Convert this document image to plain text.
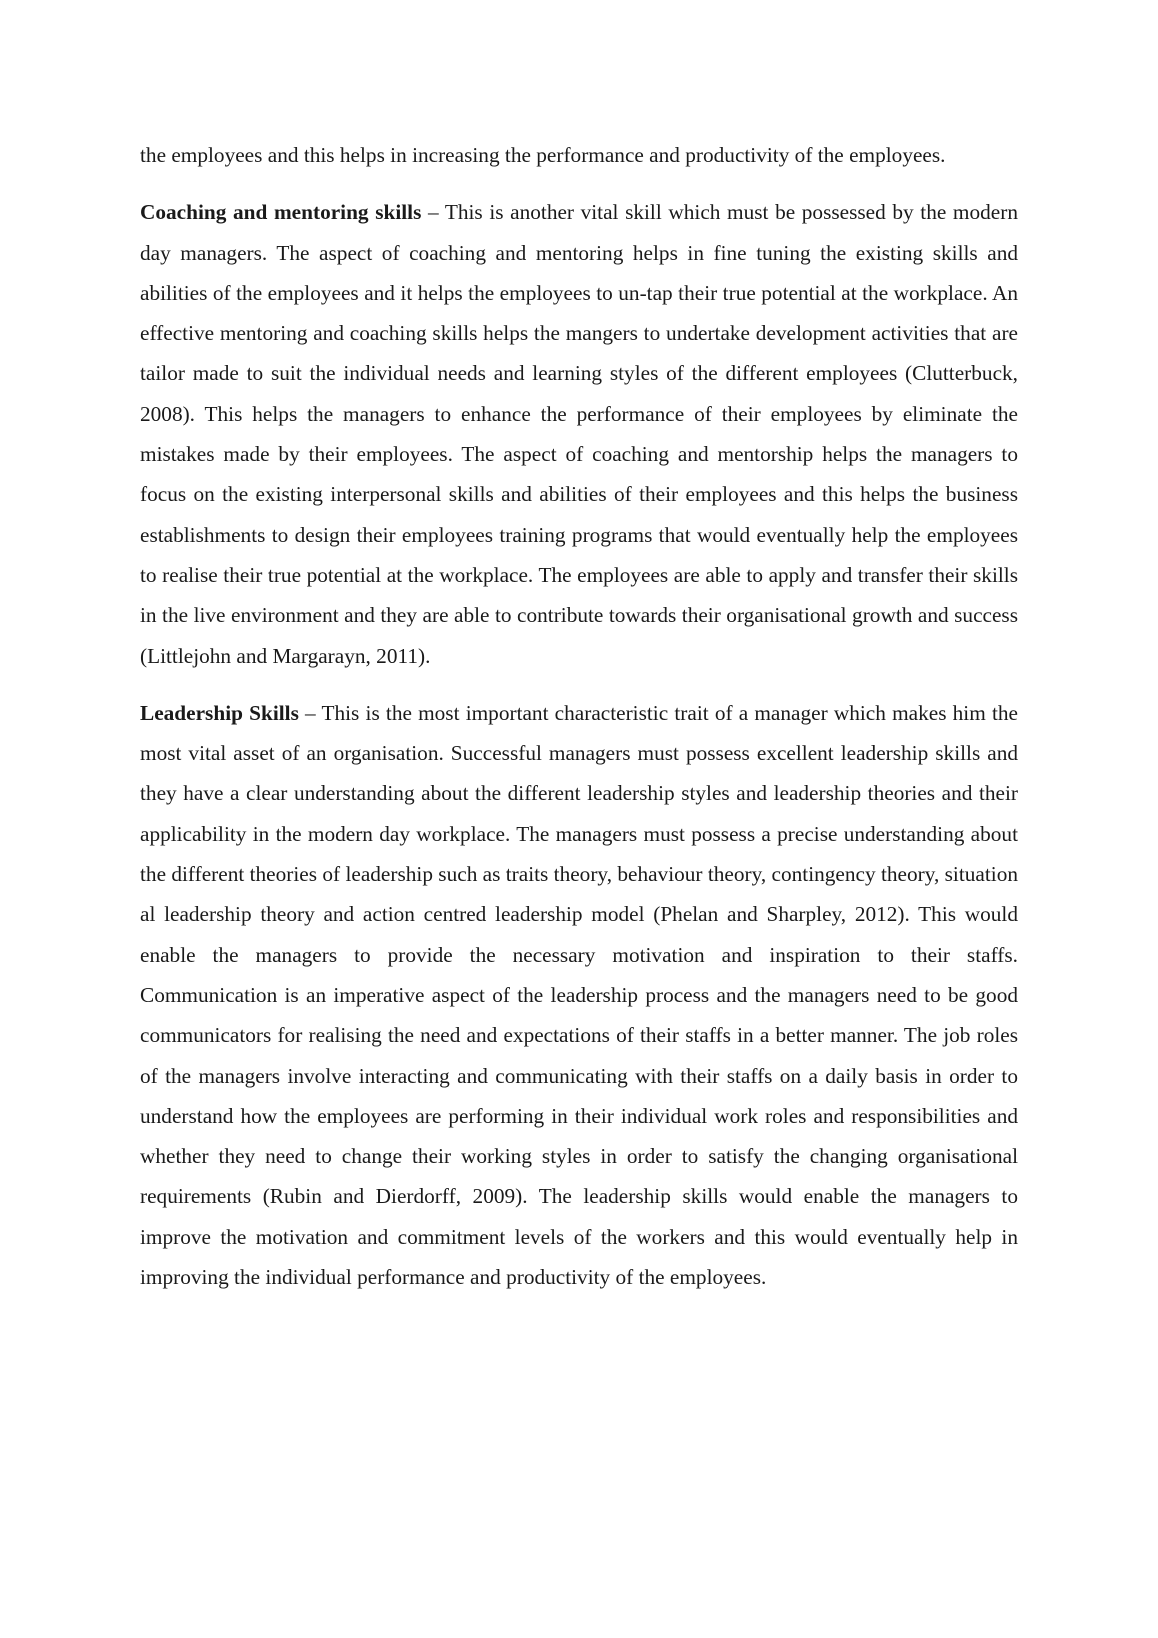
the employees and this helps in increasing the performance and productivity of the employees.

Coaching and mentoring skills – This is another vital skill which must be possessed by the modern day managers. The aspect of coaching and mentoring helps in fine tuning the existing skills and abilities of the employees and it helps the employees to un-tap their true potential at the workplace. An effective mentoring and coaching skills helps the mangers to undertake development activities that are tailor made to suit the individual needs and learning styles of the different employees (Clutterbuck, 2008). This helps the managers to enhance the performance of their employees by eliminate the mistakes made by their employees. The aspect of coaching and mentorship helps the managers to focus on the existing interpersonal skills and abilities of their employees and this helps the business establishments to design their employees training programs that would eventually help the employees to realise their true potential at the workplace. The employees are able to apply and transfer their skills in the live environment and they are able to contribute towards their organisational growth and success (Littlejohn and Margarayn, 2011).

Leadership Skills – This is the most important characteristic trait of a manager which makes him the most vital asset of an organisation. Successful managers must possess excellent leadership skills and they have a clear understanding about the different leadership styles and leadership theories and their applicability in the modern day workplace. The managers must possess a precise understanding about the different theories of leadership such as traits theory, behaviour theory, contingency theory, situation al leadership theory and action centred leadership model (Phelan and Sharpley, 2012). This would enable the managers to provide the necessary motivation and inspiration to their staffs. Communication is an imperative aspect of the leadership process and the managers need to be good communicators for realising the need and expectations of their staffs in a better manner. The job roles of the managers involve interacting and communicating with their staffs on a daily basis in order to understand how the employees are performing in their individual work roles and responsibilities and whether they need to change their working styles in order to satisfy the changing organisational requirements (Rubin and Dierdorff, 2009). The leadership skills would enable the managers to improve the motivation and commitment levels of the workers and this would eventually help in improving the individual performance and productivity of the employees.
